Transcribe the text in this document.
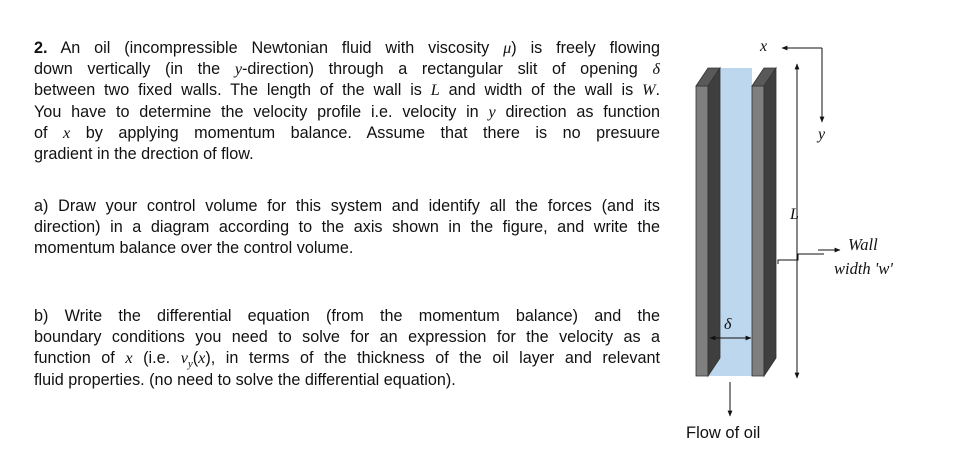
2. An oil (incompressible Newtonian fluid with viscosity μ) is freely flowing
down vertically (in the y-direction) through a rectangular slit of opening δ
between two fixed walls. The length of the wall is L and width of the wall is W.
You have to determine the velocity profile i.e. velocity in y direction as function
of x by applying momentum balance. Assume that there is no presuure
gradient in the drection of flow.
a) Draw your control volume for this system and identify all the forces (and its
direction) in a diagram according to the axis shown in the figure, and write the
momentum balance over the control volume.
b) Write the differential equation (from the momentum balance) and the
boundary conditions you need to solve for an expression for the velocity as a
function of x (i.e. $v_y(x)$, in terms of the thickness of the oil layer and relevant
fluid properties. (no need to solve the differential equation).
x
y
L
δ
Wall
width 'w'
Flow of oil
